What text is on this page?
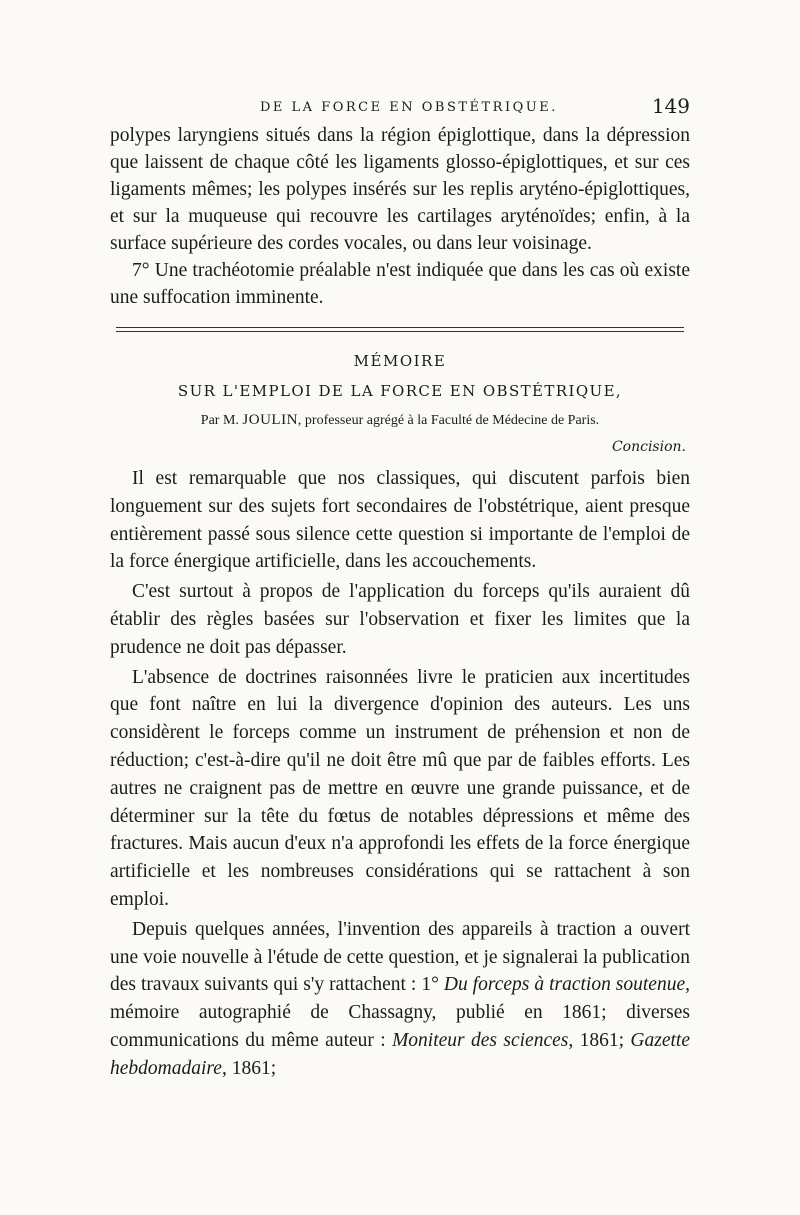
DE LA FORCE EN OBSTÉTRIQUE.	149

polypes laryngiens situés dans la région épiglottique, dans la dépression que laissent de chaque côté les ligaments glosso-épiglottiques, et sur ces ligaments mêmes; les polypes insérés sur les replis aryténo-épiglottiques, et sur la muqueuse qui recouvre les cartilages aryténoïdes; enfin, à la surface supérieure des cordes vocales, ou dans leur voisinage.

7° Une trachéotomie préalable n'est indiquée que dans les cas où existe une suffocation imminente.

MÉMOIRE
SUR L'EMPLOI DE LA FORCE EN OBSTÉTRIQUE,
Par M. JOULIN, professeur agrégé à la Faculté de Médecine de Paris.
Concision.

Il est remarquable que nos classiques, qui discutent parfois bien longuement sur des sujets fort secondaires de l'obstétrique, aient presque entièrement passé sous silence cette question si importante de l'emploi de la force énergique artificielle, dans les accouchements.

C'est surtout à propos de l'application du forceps qu'ils auraient dû établir des règles basées sur l'observation et fixer les limites que la prudence ne doit pas dépasser.

L'absence de doctrines raisonnées livre le praticien aux incertitudes que font naître en lui la divergence d'opinion des auteurs. Les uns considèrent le forceps comme un instrument de préhension et non de réduction; c'est-à-dire qu'il ne doit être mû que par de faibles efforts. Les autres ne craignent pas de mettre en œuvre une grande puissance, et de déterminer sur la tête du fœtus de notables dépressions et même des fractures. Mais aucun d'eux n'a approfondi les effets de la force énergique artificielle et les nombreuses considérations qui se rattachent à son emploi.

Depuis quelques années, l'invention des appareils à traction a ouvert une voie nouvelle à l'étude de cette question, et je signalerai la publication des travaux suivants qui s'y rattachent : 1° Du forceps à traction soutenue, mémoire autographié de Chassagny, publié en 1861; diverses communications du même auteur : Moniteur des sciences, 1861; Gazette hebdomadaire, 1861;
